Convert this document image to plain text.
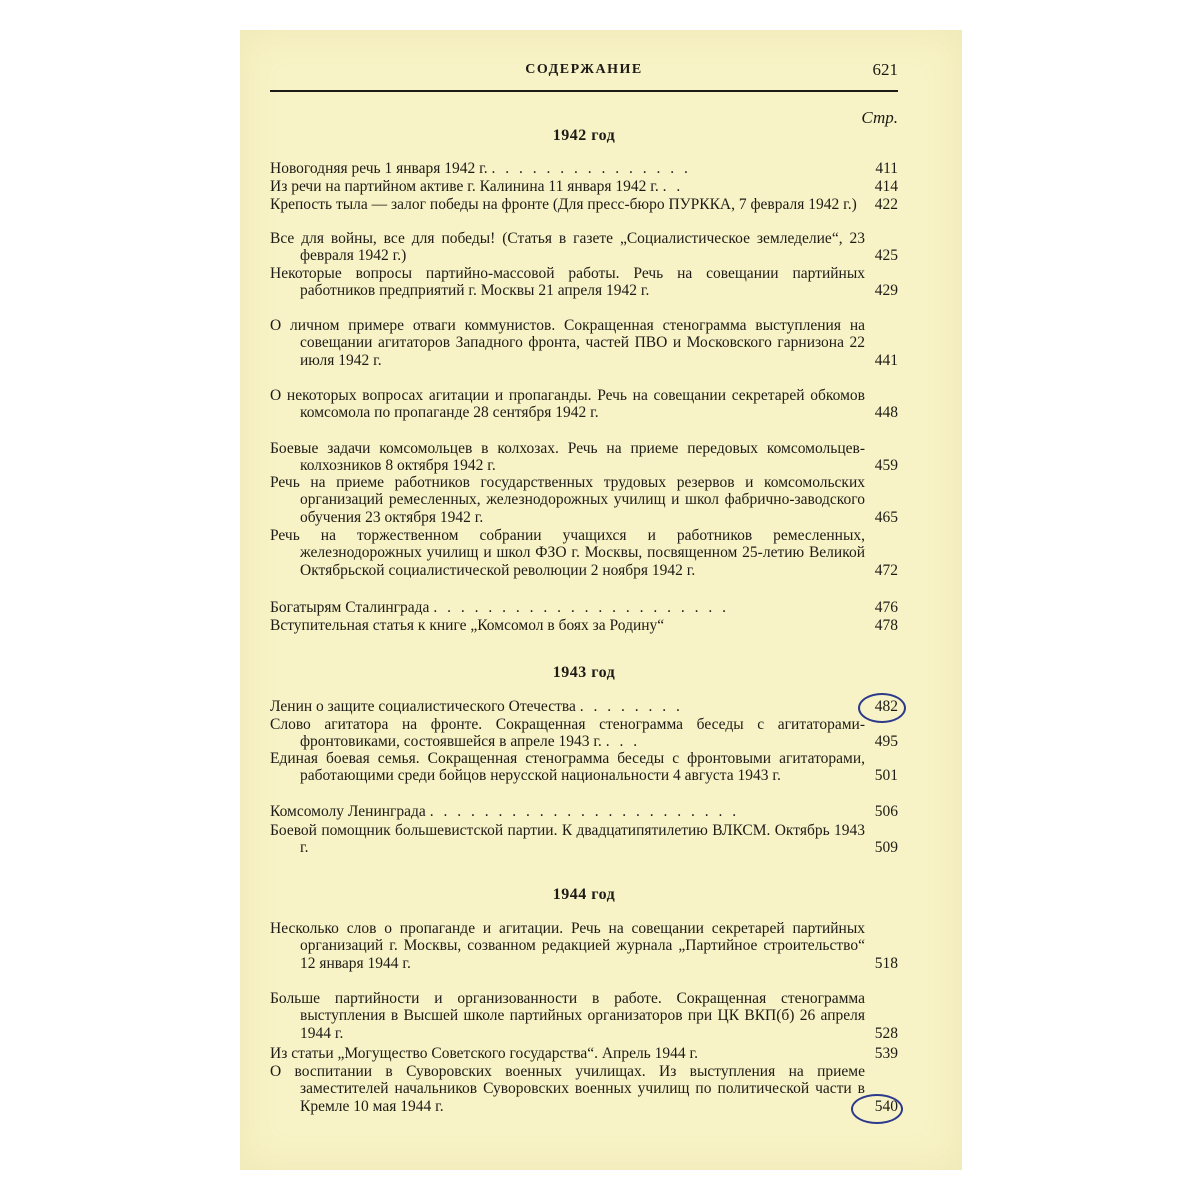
СОДЕРЖАНИЕ	621
Стр.
1942 год
Новогодняя речь 1 января 1942 г. . . . . . . . . . . . . . . .	411
Из речи на партийном активе г. Калинина 11 января 1942 г. . .	414
Крепость тыла — залог победы на фронте (Для пресс-бюро ПУРККА, 7 февраля 1942 г.)	422
Все для войны, все для победы! (Статья в газете „Социалистическое земледелие“, 23 февраля 1942 г.)	425
Некоторые вопросы партийно-массовой работы. Речь на совещании партийных работников предприятий г. Москвы 21 апреля 1942 г.	429
О личном примере отваги коммунистов. Сокращенная стенограмма выступления на совещании агитаторов Западного фронта, частей ПВО и Московского гарнизона 22 июля 1942 г.	441
О некоторых вопросах агитации и пропаганды. Речь на совещании секретарей обкомов комсомола по пропаганде 28 сентября 1942 г.	448
Боевые задачи комсомольцев в колхозах. Речь на приеме передовых комсомольцев-колхозников 8 октября 1942 г.	459
Речь на приеме работников государственных трудовых резервов и комсомольских организаций ремесленных, железнодорожных училищ и школ фабрично-заводского обучения 23 октября 1942 г.	465
Речь на торжественном собрании учащихся и работников ремесленных, железнодорожных училищ и школ ФЗО г. Москвы, посвященном 25-летию Великой Октябрьской социалистической революции 2 ноября 1942 г.	472
Богатырям Сталинграда . . . . . . . . . . . . . . . . . . . . . .	476
Вступительная статья к книге „Комсомол в боях за Родину“	478
1943 год
Ленин о защите социалистического Отечества . . . . . . . .	482
Слово агитатора на фронте. Сокращенная стенограмма беседы с агитаторами-фронтовиками, состоявшейся в апреле 1943 г. . . .	495
Единая боевая семья. Сокращенная стенограмма беседы с фронтовыми агитаторами, работающими среди бойцов нерусской национальности 4 августа 1943 г.	501
Комсомолу Ленинграда . . . . . . . . . . . . . . . . . . . . . . .	506
Боевой помощник большевистской партии. К двадцатипятилетию ВЛКСМ. Октябрь 1943 г.	509
1944 год
Несколько слов о пропаганде и агитации. Речь на совещании секретарей партийных организаций г. Москвы, созванном редакцией журнала „Партийное строительство“ 12 января 1944 г.	518
Больше партийности и организованности в работе. Сокращенная стенограмма выступления в Высшей школе партийных организаторов при ЦК ВКП(б) 26 апреля 1944 г.	528
Из статьи „Могущество Советского государства“. Апрель 1944 г.	539
О воспитании в Суворовских военных училищах. Из выступления на приеме заместителей начальников Суворовских военных училищ по политической части в Кремле 10 мая 1944 г.	540
